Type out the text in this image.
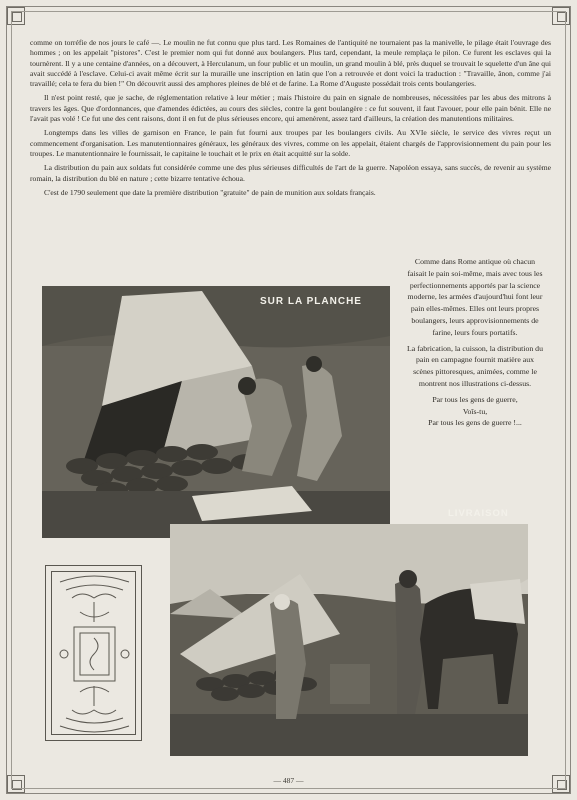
comme on torréfie de nos jours le café —. Le moulin ne fut connu que plus tard. Les Romaines de l'antiquité ne tournaient pas la manivelle, le pilage était l'ouvrage des hommes ; on les appelait "pistores". C'est le premier nom qui fut donné aux boulangers. Plus tard, cependant, la meule remplaça le pilon. Ce furent les esclaves qui la tournèrent. Il y a une centaine d'années, on a découvert, à Herculanum, un four public et un moulin, un grand moulin à blé, près duquel se trouvait le squelette d'un âne qui avait succédé à l'esclave. Celui-ci avait même écrit sur la muraille une inscription en latin que l'on a retrouvée et dont voici la traduction : "Travaille, ânon, comme j'ai travaillé; cela te fera du bien !" On découvrit aussi des amphores pleines de blé et de farine. La Rome d'Auguste possédait trois cents boulangeries.

Il n'est point resté, que je sache, de réglementation relative à leur métier ; mais l'histoire du pain en signale de nombreuses, nécessitées par les abus des mitrons à travers les âges. Que d'ordonnances, que d'amendes édictées, au cours des siècles, contre la gent boulangère : ce fut souvent, il faut l'avouer, pour elle pain bénit. Elle ne l'avait pas volé ! Ce fut une des cent raisons, dont il en fut de plus sérieuses encore, qui amenèrent, assez tard d'ailleurs, la création des manutentions militaires.

Longtemps dans les villes de garnison en France, le pain fut fourni aux troupes par les boulangers civils. Au XVIe siècle, le service des vivres reçut un commencement d'organisation. Les manutentionnaires généraux, les généraux des vivres, comme on les appelait, étaient chargés de l'approvisionnement du pain pour les troupes. Le manutentionnaire le fournissait, le capitaine le touchait et le prix en était acquitté sur la solde.

La distribution du pain aux soldats fut considérée comme une des plus sérieuses difficultés de l'art de la guerre. Napoléon essaya, sans succès, de revenir au système romain, la distribution du blé en nature ; cette bizarre tentative échoua.

C'est de 1790 seulement que date la première distribution "gratuite" de pain de munition aux soldats français.

SUR LA PLANCHE

Comme dans Rome antique où chacun faisait le pain soi-même, mais avec tous les perfectionnements apportés par la science moderne, les armées d'aujourd'hui font leur pain elles-mêmes. Elles ont leurs propres boulangers, leurs approvisionnements de farine, leurs fours portatifs.

La fabrication, la cuisson, la distribution du pain en campagne fournit matière aux scènes pittoresques, animées, comme le montrent nos illustrations ci-dessus.

Par tous les gens de guerre,

Voîs-tu,

Par tous les gens de guerre !...

LIVRAISON
— 487 —
